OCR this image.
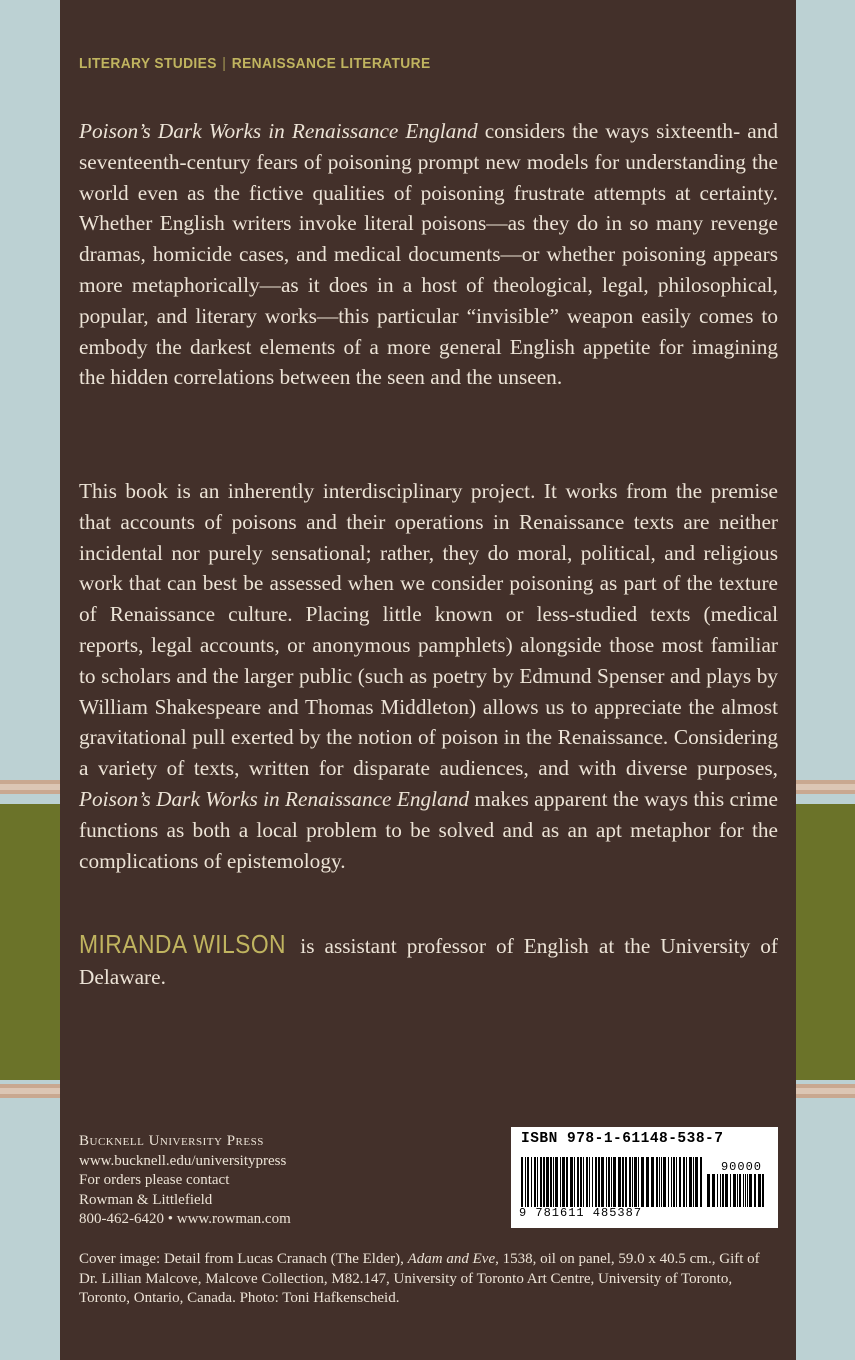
LITERARY STUDIES | RENAISSANCE LITERATURE

Poison’s Dark Works in Renaissance England considers the ways sixteenth- and seventeenth-century fears of poisoning prompt new models for understanding the world even as the fictive qualities of poisoning frustrate attempts at certainty. Whether English writers invoke literal poisons—as they do in so many revenge dramas, homicide cases, and medical documents—or whether poisoning appears more metaphorically—as it does in a host of theological, legal, philosophical, popular, and literary works—this particular “invisible” weapon easily comes to embody the darkest elements of a more general English appetite for imagining the hidden correlations between the seen and the unseen.

This book is an inherently interdisciplinary project. It works from the premise that accounts of poisons and their operations in Renaissance texts are neither incidental nor purely sensational; rather, they do moral, political, and religious work that can best be assessed when we consider poisoning as part of the texture of Renaissance culture. Placing little known or less-studied texts (medical reports, legal accounts, or anonymous pamphlets) alongside those most familiar to scholars and the larger public (such as poetry by Edmund Spenser and plays by William Shakespeare and Thomas Middleton) allows us to appreciate the almost gravitational pull exerted by the notion of poison in the Renaissance. Considering a variety of texts, written for disparate audiences, and with diverse purposes, Poison’s Dark Works in Renaissance England makes apparent the ways this crime functions as both a local problem to be solved and as an apt metaphor for the complications of epistemology.

MIRANDA WILSON is assistant professor of English at the University of Delaware.

Bucknell University Press
www.bucknell.edu/universitypress
For orders please contact
Rowman & Littlefield
800-462-6420 • www.rowman.com
ISBN 978-1-61148-538-7
90000
9 781611 485387

Cover image: Detail from Lucas Cranach (The Elder), Adam and Eve, 1538, oil on panel, 59.0 x 40.5 cm., Gift of Dr. Lillian Malcove, Malcove Collection, M82.147, University of Toronto Art Centre, University of Toronto, Toronto, Ontario, Canada. Photo: Toni Hafkenscheid.
